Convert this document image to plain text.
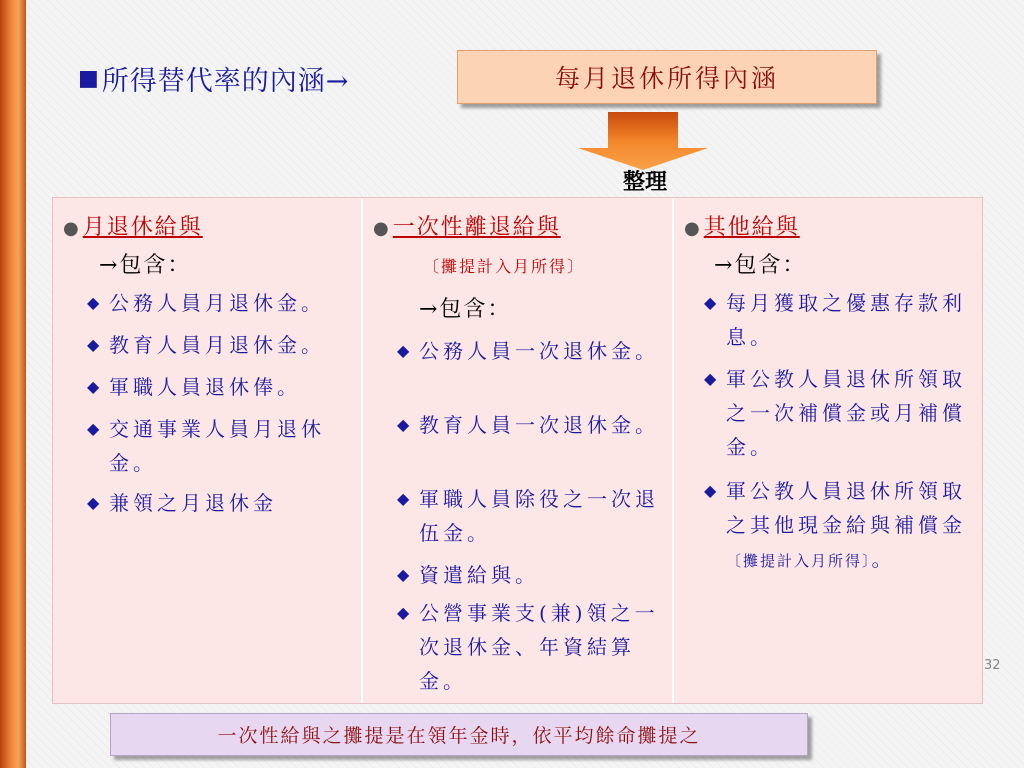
■ 所得替代率的內涵→	每月退休所得內涵
整理
●月退休給與
→包含：
◆ 公務人員月退休金。
◆ 教育人員月退休金。
◆ 軍職人員退休俸。
◆ 交通事業人員月退休金。
◆ 兼領之月退休金
●一次性離退給與
〔攤提計入月所得〕
→包含：
◆ 公務人員一次退休金。
◆ 教育人員一次退休金。
◆ 軍職人員除役之一次退伍金。
◆ 資遣給與。
◆ 公營事業支(兼)領之一次退休金、年資結算金。
●其他給與
→包含：
◆ 每月獲取之優惠存款利息。
◆ 軍公教人員退休所領取之一次補償金或月補償金。
◆ 軍公教人員退休所領取之其他現金給與補償金〔攤提計入月所得〕。
32
一次性給與之攤提是在領年金時，依平均餘命攤提之
